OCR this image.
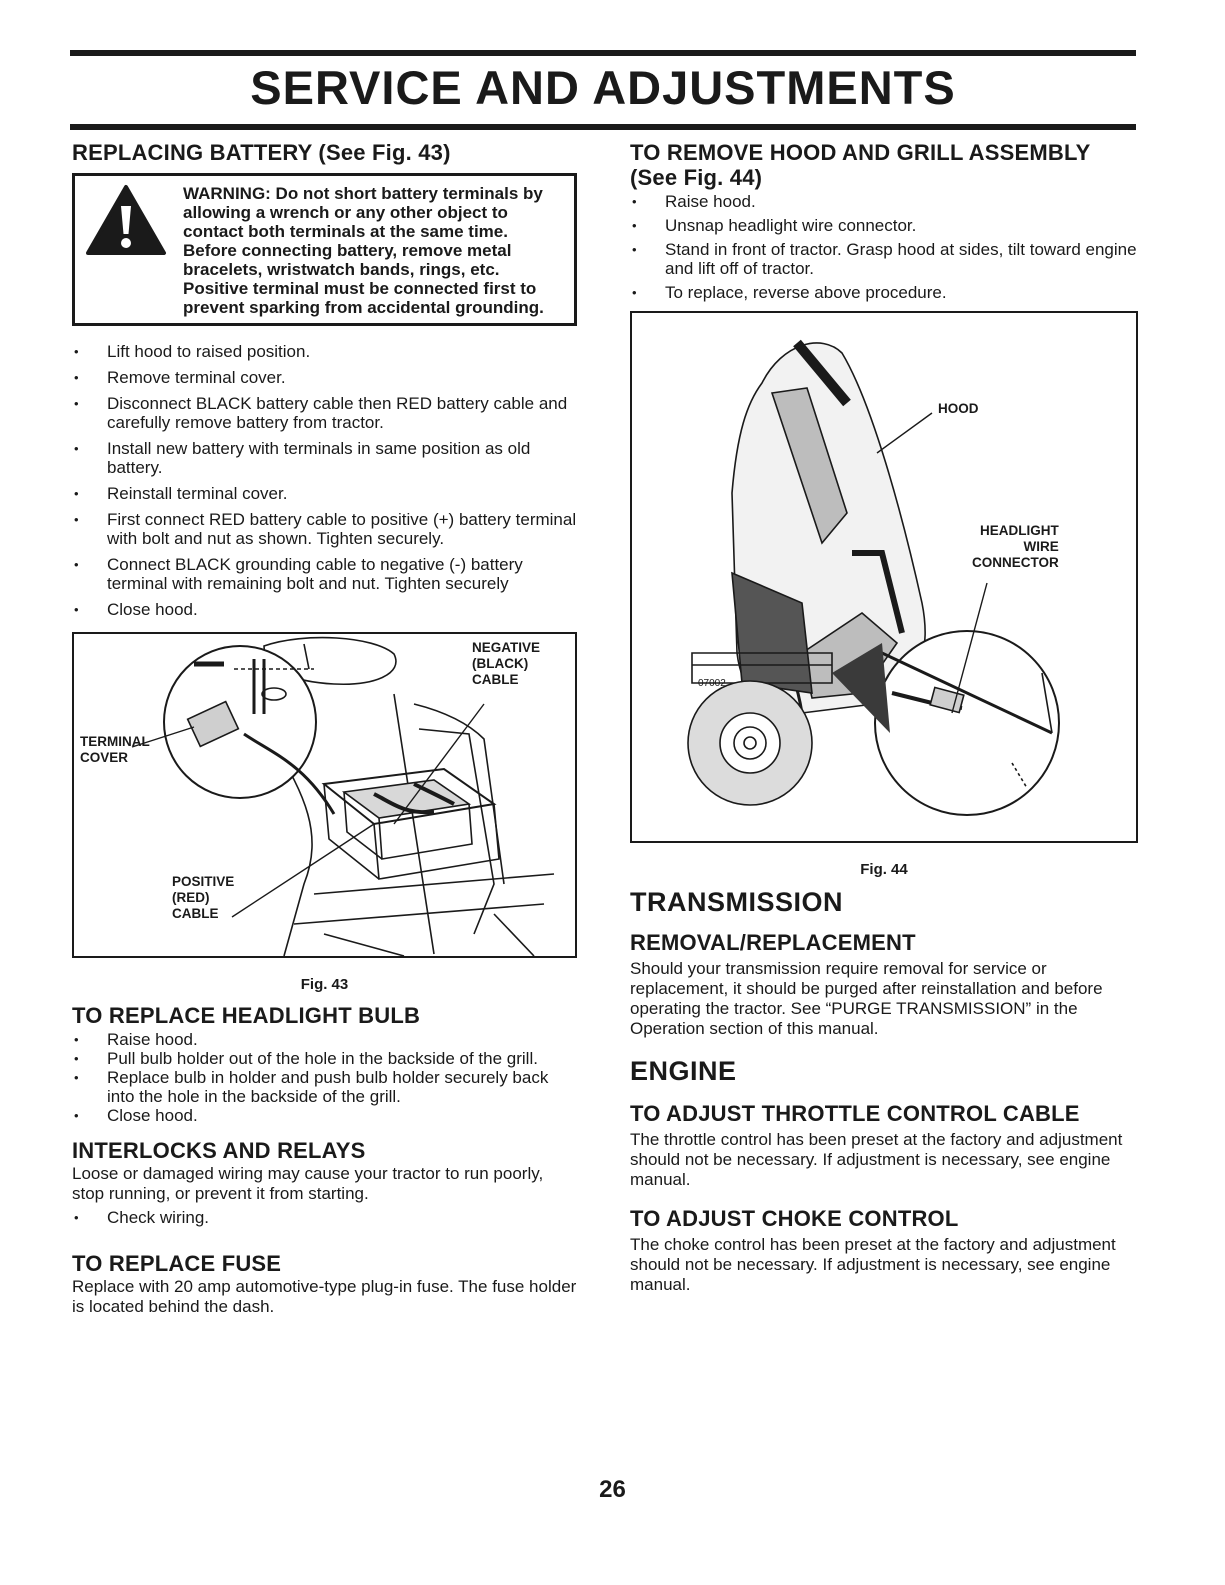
SERVICE AND ADJUSTMENTS
REPLACING BATTERY (See Fig. 43)
WARNING: Do not short battery terminals by allowing a wrench or any other object to contact both terminals at the same time. Before connecting battery, remove metal bracelets, wristwatch bands, rings, etc. Positive terminal must be connected first to prevent sparking from accidental grounding.
• Lift hood to raised position.
• Remove terminal cover.
• Disconnect BLACK battery cable then RED battery cable and carefully remove battery from tractor.
• Install new battery with terminals in same position as old battery.
• Reinstall terminal cover.
• First connect RED battery cable to positive (+) battery terminal with bolt and nut as shown. Tighten securely.
• Connect BLACK grounding cable to negative (-) battery terminal with remaining bolt and nut. Tighten securely
• Close hood.
NEGATIVE
(BLACK)
CABLE
TERMINAL
COVER
POSITIVE
(RED)
CABLE
Fig. 43
TO REPLACE HEADLIGHT BULB
• Raise hood.
• Pull bulb holder out of the hole in the backside of the grill.
• Replace bulb in holder and push bulb holder securely back into the hole in the backside of the grill.
• Close hood.
INTERLOCKS AND RELAYS

Loose or damaged wiring may cause your tractor to run poorly, stop running, or prevent it from starting.

• Check wiring.
TO REPLACE FUSE

Replace with 20 amp automotive-type plug-in fuse. The fuse holder is located behind the dash.

TO REMOVE HOOD AND GRILL ASSEMBLY (See Fig. 44)
• Raise hood.
• Unsnap headlight wire connector.
• Stand in front of tractor. Grasp hood at sides, tilt toward engine and lift off of tractor.
• To replace, reverse above procedure.
HOOD
HEADLIGHT
WIRE
CONNECTOR
07002
Fig. 44
TRANSMISSION
REMOVAL/REPLACEMENT

Should your transmission require removal for service or replacement, it should be purged after reinstallation and before operating the tractor. See “PURGE TRANSMISSION” in the Operation section of this manual.

ENGINE
TO ADJUST THROTTLE CONTROL CABLE

The throttle control has been preset at the factory and adjustment should not be necessary. If adjustment is necessary, see engine manual.

TO ADJUST CHOKE CONTROL

The choke control has been preset at the factory and adjustment should not be necessary. If adjustment is necessary, see engine manual.

26
